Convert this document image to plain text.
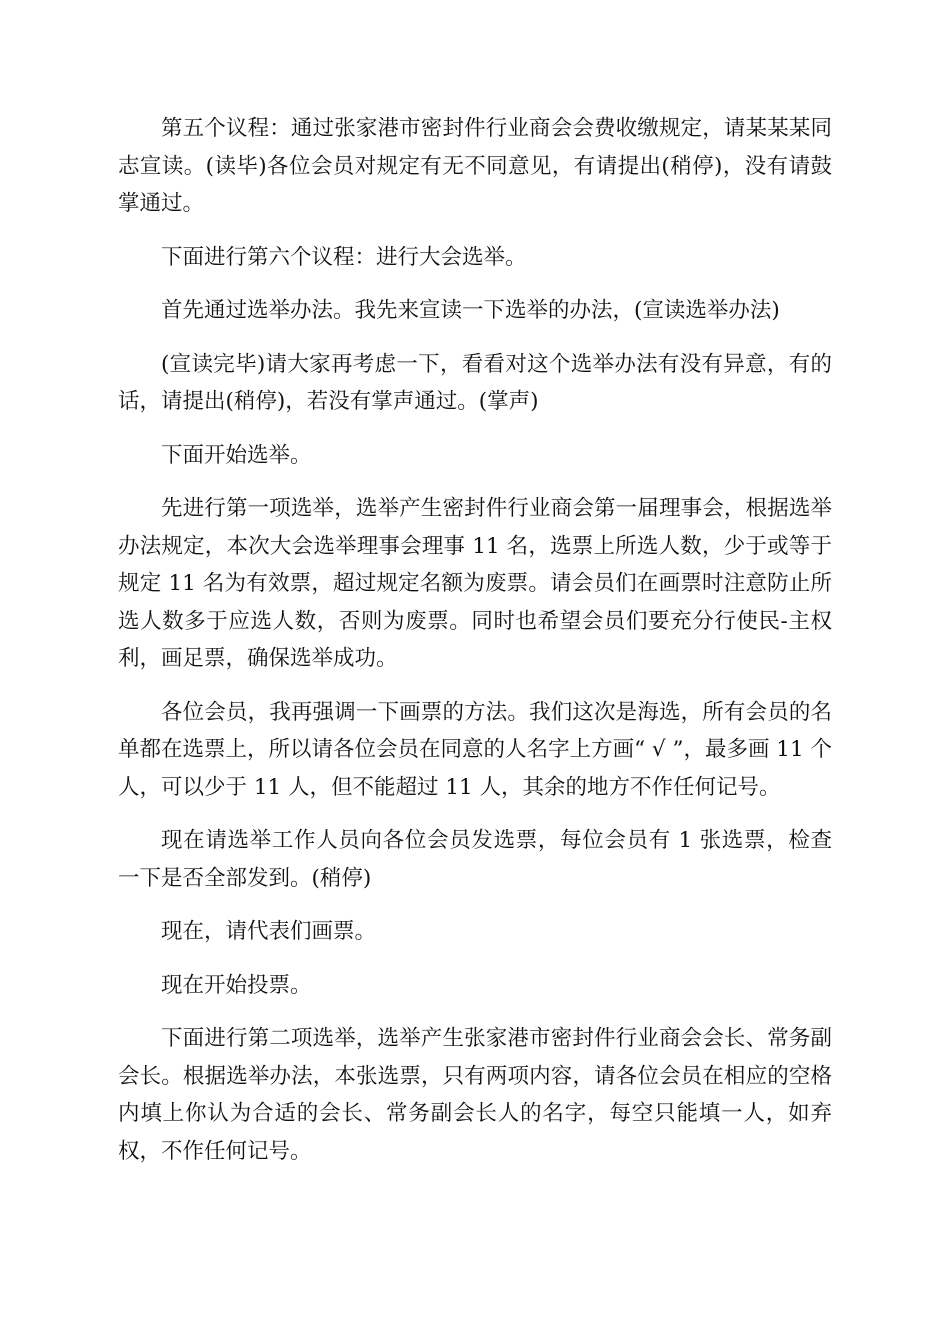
第五个议程：通过张家港市密封件行业商会会费收缴规定，请某某某同志宣读。(读毕)各位会员对规定有无不同意见，有请提出(稍停)，没有请鼓掌通过。

下面进行第六个议程：进行大会选举。

首先通过选举办法。我先来宣读一下选举的办法，(宣读选举办法)

(宣读完毕)请大家再考虑一下，看看对这个选举办法有没有异意，有的话，请提出(稍停)，若没有掌声通过。(掌声)

下面开始选举。

先进行第一项选举，选举产生密封件行业商会第一届理事会，根据选举办法规定，本次大会选举理事会理事 11 名，选票上所选人数，少于或等于规定 11 名为有效票，超过规定名额为废票。请会员们在画票时注意防止所选人数多于应选人数，否则为废票。同时也希望会员们要充分行使民-主权利，画足票，确保选举成功。

各位会员，我再强调一下画票的方法。我们这次是海选，所有会员的名单都在选票上，所以请各位会员在同意的人名字上方画“ √ ”，最多画 11 个人，可以少于 11 人，但不能超过 11 人，其余的地方不作任何记号。

现在请选举工作人员向各位会员发选票，每位会员有 1 张选票，检查一下是否全部发到。(稍停)

现在，请代表们画票。

现在开始投票。

下面进行第二项选举，选举产生张家港市密封件行业商会会长、常务副会长。根据选举办法，本张选票，只有两项内容，请各位会员在相应的空格内填上你认为合适的会长、常务副会长人的名字，每空只能填一人，如弃权，不作任何记号。
